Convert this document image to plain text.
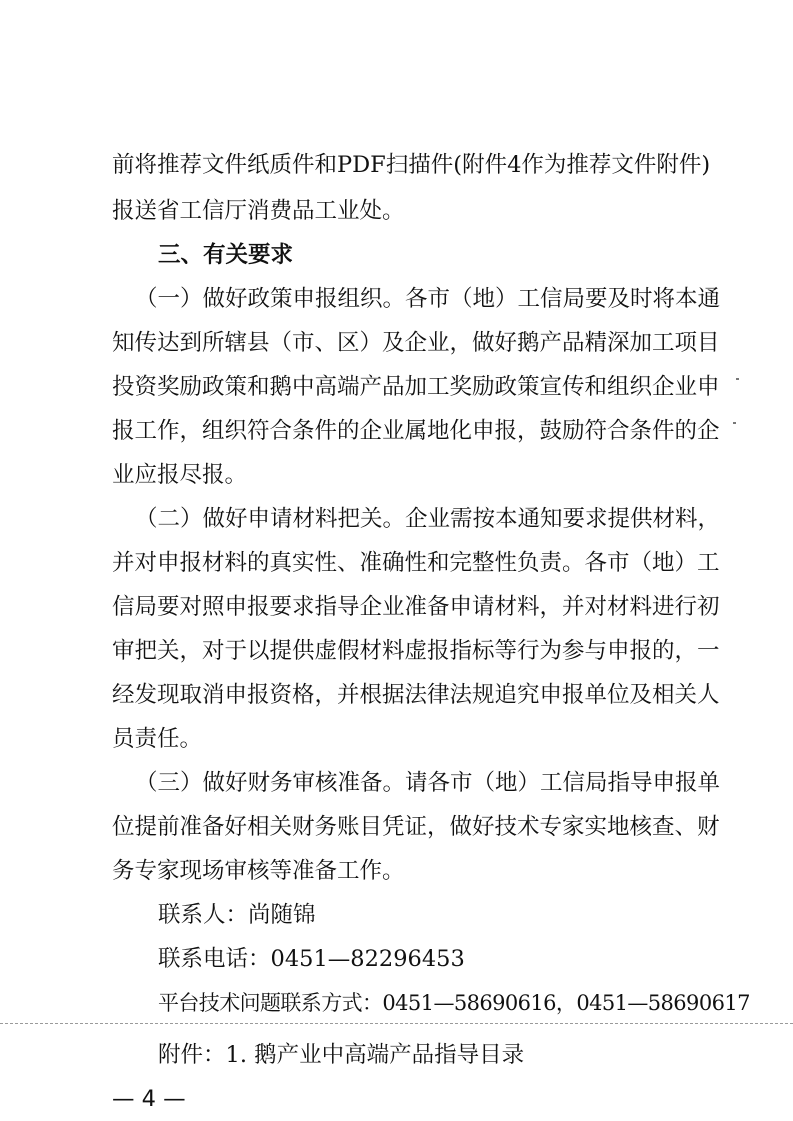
前将推荐文件纸质件和PDF扫描件(附件4作为推荐文件附件)
报送省工信厅消费品工业处。
三、有关要求
（一）做好政策申报组织。各市（地）工信局要及时将本通
知传达到所辖县（市、区）及企业，做好鹅产品精深加工项目
投资奖励政策和鹅中高端产品加工奖励政策宣传和组织企业申
报工作，组织符合条件的企业属地化申报，鼓励符合条件的企
业应报尽报。
（二）做好申请材料把关。企业需按本通知要求提供材料，
并对申报材料的真实性、准确性和完整性负责。各市（地）工
信局要对照申报要求指导企业准备申请材料，并对材料进行初
审把关，对于以提供虚假材料虚报指标等行为参与申报的，一
经发现取消申报资格，并根据法律法规追究申报单位及相关人
员责任。
（三）做好财务审核准备。请各市（地）工信局指导申报单
位提前准备好相关财务账目凭证，做好技术专家实地核查、财
务专家现场审核等准备工作。
联系人：尚随锦
联系电话：0451—82296453
平台技术问题联系方式：0451—58690616，0451—58690617
附件：1. 鹅产业中高端产品指导目录
— 4 —
